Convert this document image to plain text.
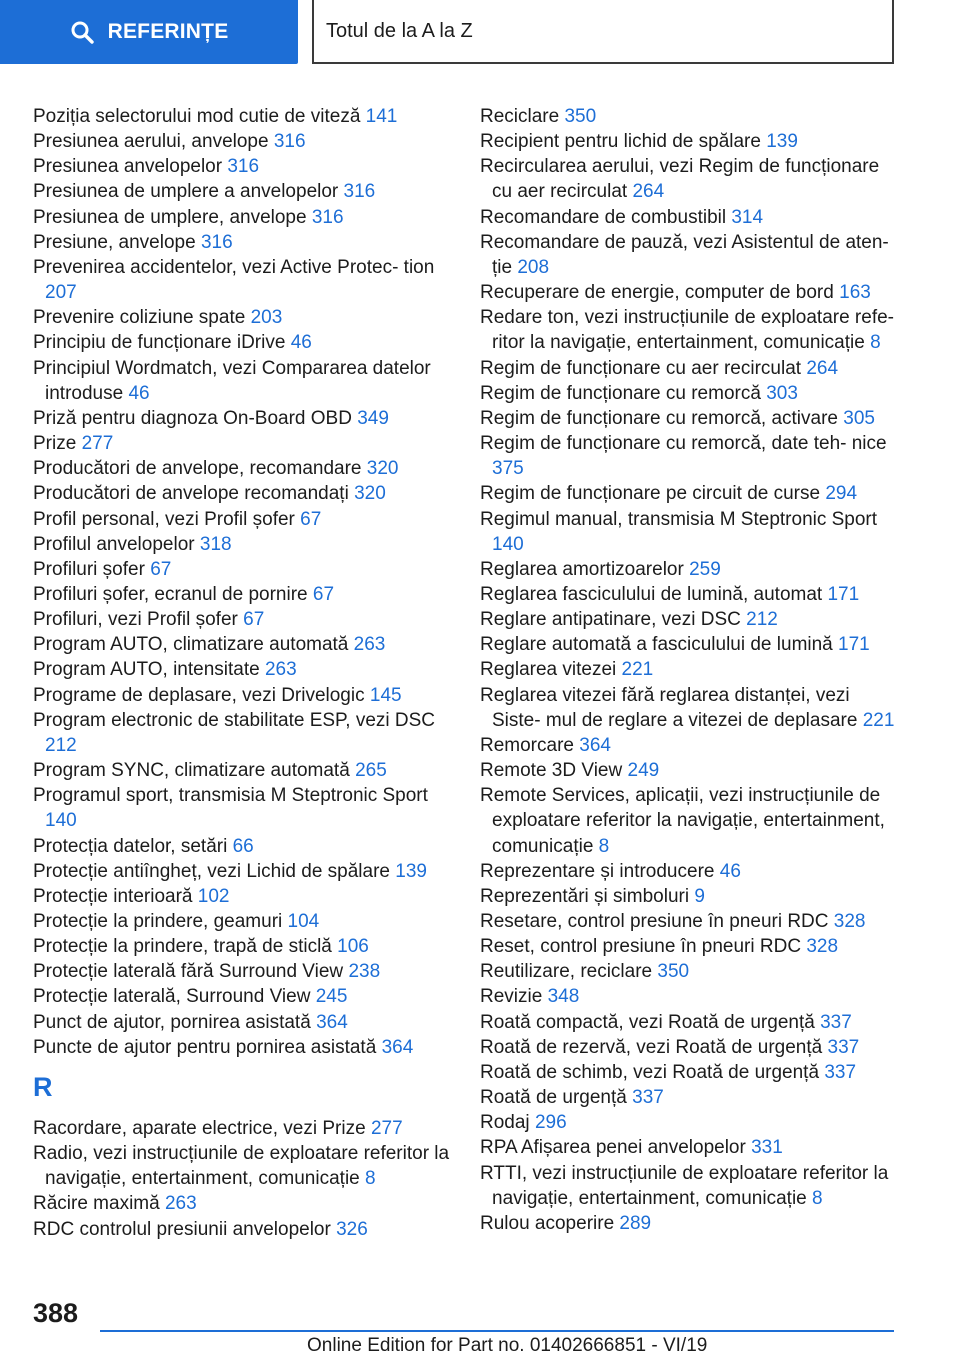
REFERINȚE	Totul de la A la Z
Poziția selectorului mod cutie de viteză 141
Presiunea aerului, anvelope 316
Presiunea anvelopelor 316
Presiunea de umplere a anvelopelor 316
Presiunea de umplere, anvelope 316
Presiune, anvelope 316
Prevenirea accidentelor, vezi Active Protec‐ tion 207
Prevenire coliziune spate 203
Principiu de funcționare iDrive 46
Principiul Wordmatch, vezi Compararea datelor introduse 46
Priză pentru diagnoza On-Board OBD 349
Prize 277
Producători de anvelope, recomandare 320
Producători de anvelope recomandați 320
Profil personal, vezi Profil șofer 67
Profilul anvelopelor 318
Profiluri șofer 67
Profiluri șofer, ecranul de pornire 67
Profiluri, vezi Profil șofer 67
Program AUTO, climatizare automată 263
Program AUTO, intensitate 263
Programe de deplasare, vezi Drivelogic 145
Program electronic de stabilitate ESP, vezi DSC 212
Program SYNC, climatizare automată 265
Programul sport, transmisia M Steptronic Sport 140
Protecția datelor, setări 66
Protecție antiîngheț, vezi Lichid de spălare 139
Protecție interioară 102
Protecție la prindere, geamuri 104
Protecție la prindere, trapă de sticlă 106
Protecție laterală fără Surround View 238
Protecție laterală, Surround View 245
Punct de ajutor, pornirea asistată 364
Puncte de ajutor pentru pornirea asistată 364
R
Racordare, aparate electrice, vezi Prize 277
Radio, vezi instrucțiunile de exploatare referitor la navigație, entertainment, comunicație 8
Răcire maximă 263
RDC controlul presiunii anvelopelor 326
Reciclare 350
Recipient pentru lichid de spălare 139
Recircularea aerului, vezi Regim de funcționare cu aer recirculat 264
Recomandare de combustibil 314
Recomandare de pauză, vezi Asistentul de aten‐ ție 208
Recuperare de energie, computer de bord 163
Redare ton, vezi instrucțiunile de exploatare refe‐ ritor la navigație, entertainment, comunicație 8
Regim de funcționare cu aer recirculat 264
Regim de funcționare cu remorcă 303
Regim de funcționare cu remorcă, activare 305
Regim de funcționare cu remorcă, date teh‐ nice 375
Regim de funcționare pe circuit de curse 294
Regimul manual, transmisia M Steptronic Sport 140
Reglarea amortizoarelor 259
Reglarea fasciculului de lumină, automat 171
Reglare antipatinare, vezi DSC 212
Reglare automată a fasciculului de lumină 171
Reglarea vitezei 221
Reglarea vitezei fără reglarea distanței, vezi Siste‐ mul de reglare a vitezei de deplasare 221
Remorcare 364
Remote 3D View 249
Remote Services, aplicații, vezi instrucțiunile de exploatare referitor la navigație, entertainment, comunicație 8
Reprezentare și introducere 46
Reprezentări și simboluri 9
Resetare, control presiune în pneuri RDC 328
Reset, control presiune în pneuri RDC 328
Reutilizare, reciclare 350
Revizie 348
Roată compactă, vezi Roată de urgență 337
Roată de rezervă, vezi Roată de urgență 337
Roată de schimb, vezi Roată de urgență 337
Roată de urgență 337
Rodaj 296
RPA Afișarea penei anvelopelor 331
RTTI, vezi instrucțiunile de exploatare referitor la navigație, entertainment, comunicație 8
Rulou acoperire 289
388
Online Edition for Part no. 01402666851 - VI/19
